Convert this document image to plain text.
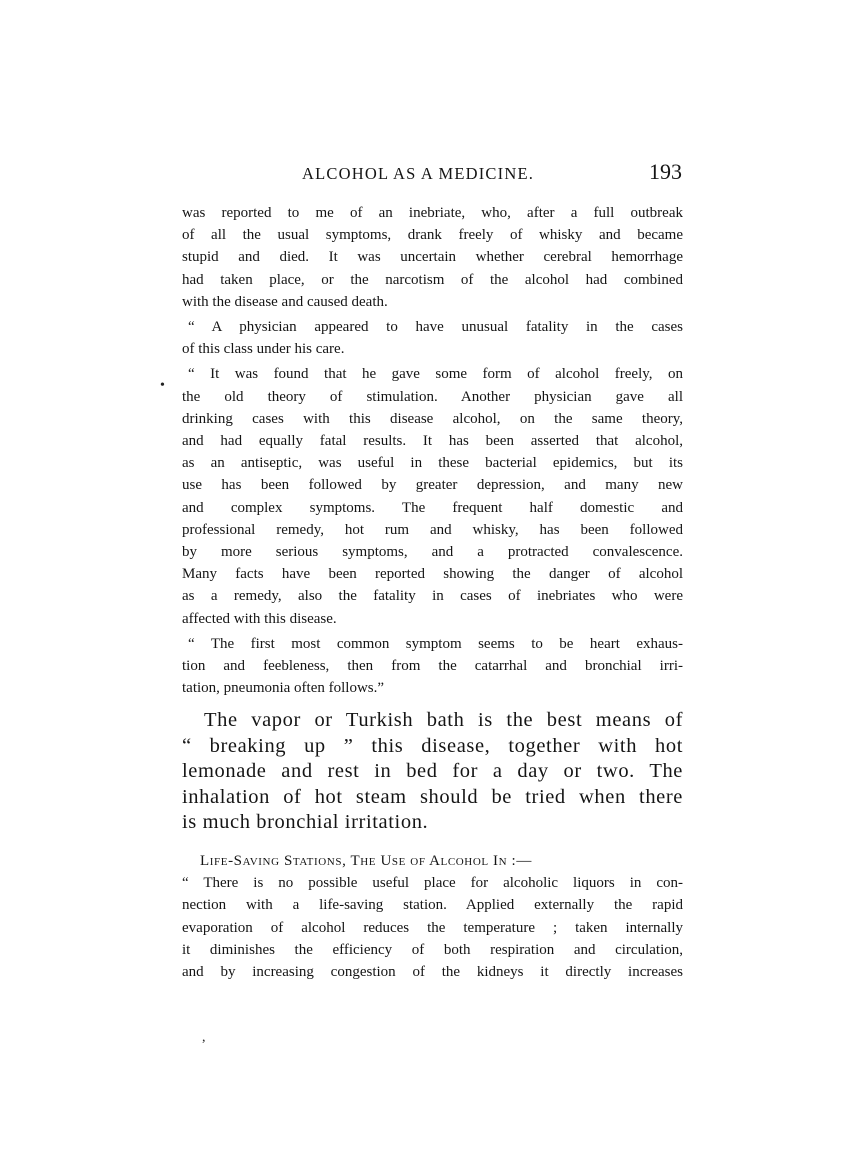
ALCOHOL AS A MEDICINE.	193
•
,

was reported to me of an inebriate, who, after a full outbreak
of all the usual symptoms, drank freely of whisky and became
stupid and died. It was uncertain whether cerebral hemorrhage
had taken place, or the narcotism of the alcohol had combined
with the disease and caused death.

“ A physician appeared to have unusual fatality in the cases
of this class under his care.

“ It was found that he gave some form of alcohol freely, on
the old theory of stimulation. Another physician gave all
drinking cases with this disease alcohol, on the same theory,
and had equally fatal results. It has been asserted that alcohol,
as an antiseptic, was useful in these bacterial epidemics, but its
use has been followed by greater depression, and many new
and complex symptoms. The frequent half domestic and
professional remedy, hot rum and whisky, has been followed
by more serious symptoms, and a protracted convalescence.
Many facts have been reported showing the danger of alcohol
as a remedy, also the fatality in cases of inebriates who were
affected with this disease.

“ The first most common symptom seems to be heart exhaus-
tion and feebleness, then from the catarrhal and bronchial irri-
tation, pneumonia often follows.”

The vapor or Turkish bath is the best means of
“ breaking up ” this disease, together with hot
lemonade and rest in bed for a day or two. The
inhalation of hot steam should be tried when there
is much bronchial irritation.

Life-Saving Stations, The Use of Alcohol In :—
“ There is no possible useful place for alcoholic liquors in con-
nection with a life-saving station. Applied externally the rapid
evaporation of alcohol reduces the temperature ; taken internally
it diminishes the efficiency of both respiration and circulation,
and by increasing congestion of the kidneys it directly increases
